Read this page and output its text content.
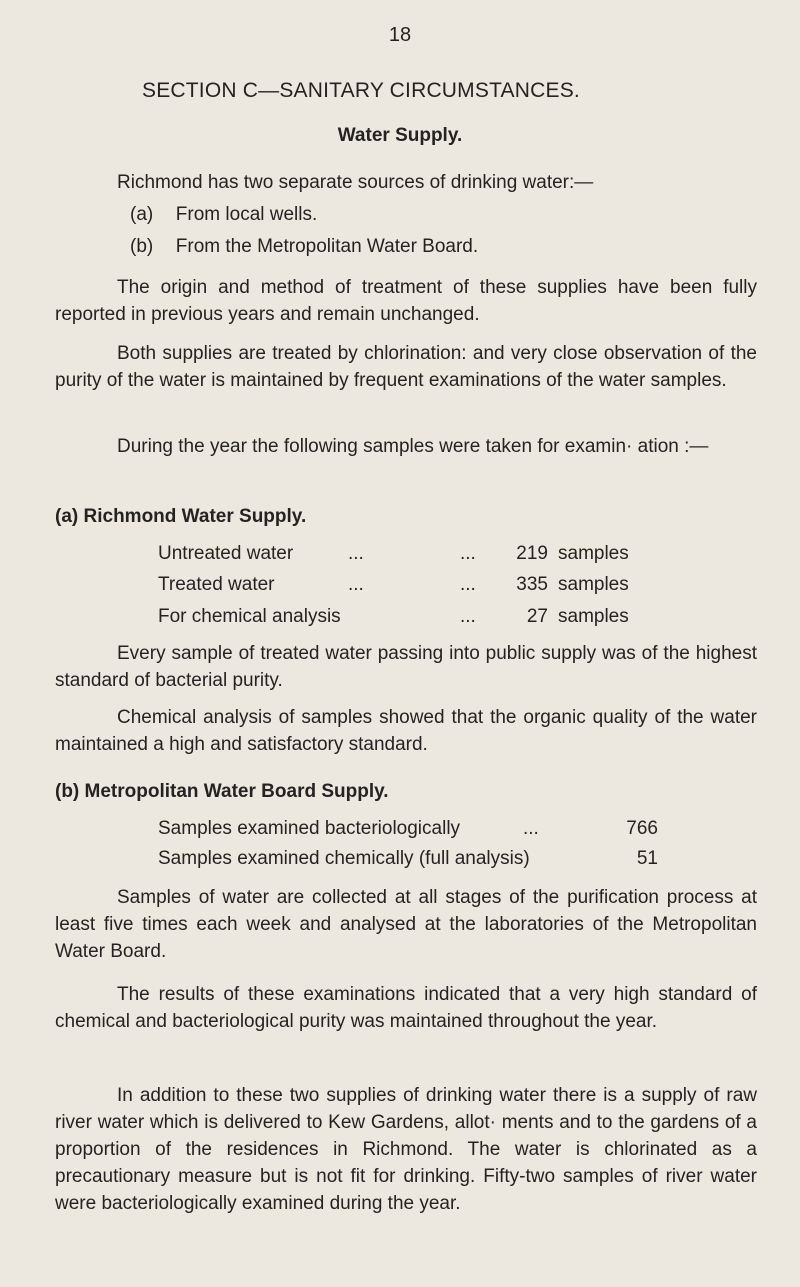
18
SECTION C—SANITARY CIRCUMSTANCES.
Water Supply.
Richmond has two separate sources of drinking water:—
(a) From local wells.
(b) From the Metropolitan Water Board.
The origin and method of treatment of these supplies have been fully reported in previous years and remain unchanged.
Both supplies are treated by chlorination: and very close observation of the purity of the water is maintained by frequent examinations of the water samples.
During the year the following samples were taken for examin· ation :—
(a) Richmond Water Supply.
Untreated water	...	...	219 samples
Treated water	...	...	335 samples
For chemical analysis	...	27 samples
Every sample of treated water passing into public supply was of the highest standard of bacterial purity.
Chemical analysis of samples showed that the organic quality of the water maintained a high and satisfactory standard.
(b) Metropolitan Water Board Supply.
Samples examined bacteriologically	...	766
Samples examined chemically (full analysis)	51
Samples of water are collected at all stages of the purification process at least five times each week and analysed at the laboratories of the Metropolitan Water Board.
The results of these examinations indicated that a very high standard of chemical and bacteriological purity was maintained throughout the year.
In addition to these two supplies of drinking water there is a supply of raw river water which is delivered to Kew Gardens, allot· ments and to the gardens of a proportion of the residences in Richmond. The water is chlorinated as a precautionary measure but is not fit for drinking. Fifty-two samples of river water were bacteriologically examined during the year.
